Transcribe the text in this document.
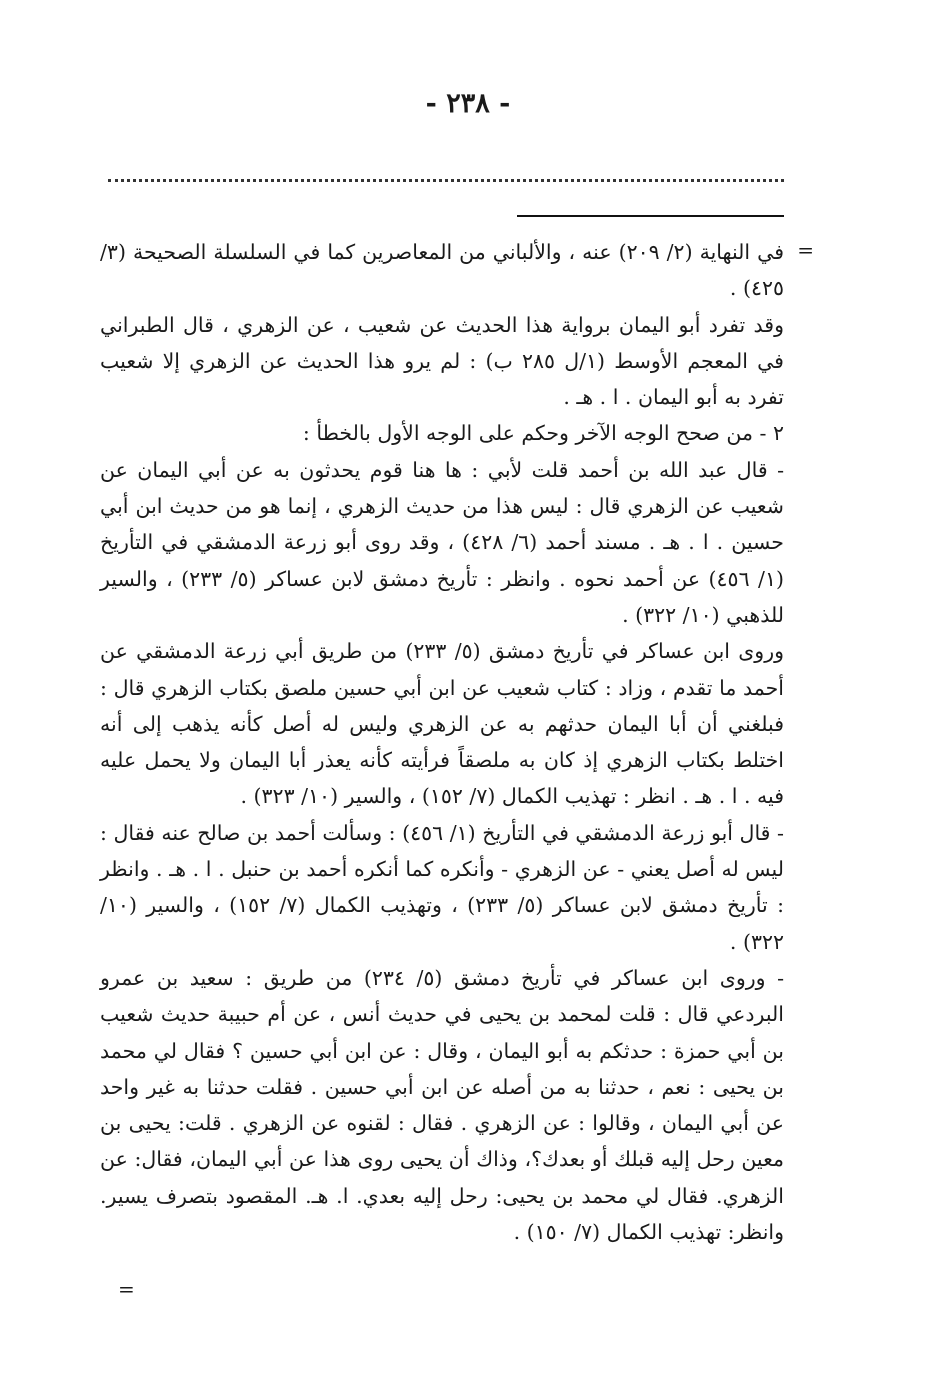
- ٢٣٨ -
=

في النهاية (٢/ ٢٠٩) عنه ، والألباني من المعاصرين كما في السلسلة الصحيحة (٣/ ٤٢٥) .

وقد تفرد أبو اليمان برواية هذا الحديث عن شعيب ، عن الزهري ، قال الطبراني في المعجم الأوسط (١/ل ٢٨٥ ب) : لم يرو هذا الحديث عن الزهري إلا شعيب تفرد به أبو اليمان . ا . هـ .

٢ - من صحح الوجه الآخر وحكم على الوجه الأول بالخطأ :

- قال عبد الله بن أحمد قلت لأبي : ها هنا قوم يحدثون به عن أبي اليمان عن شعيب عن الزهري قال : ليس هذا من حديث الزهري ، إنما هو من حديث ابن أبي حسين . ا . هـ . مسند أحمد (٦/ ٤٢٨) ، وقد روى أبو زرعة الدمشقي في التأريخ (١/ ٤٥٦) عن أحمد نحوه . وانظر : تأريخ دمشق لابن عساكر (٥/ ٢٣٣) ، والسير للذهبي (١٠/ ٣٢٢) .

وروى ابن عساكر في تأريخ دمشق (٥/ ٢٣٣) من طريق أبي زرعة الدمشقي عن أحمد ما تقدم ، وزاد : كتاب شعيب عن ابن أبي حسين ملصق بكتاب الزهري قال : فبلغني أن أبا اليمان حدثهم به عن الزهري وليس له أصل كأنه يذهب إلى أنه اختلط بكتاب الزهري إذ كان به ملصقاً فرأيته كأنه يعذر أبا اليمان ولا يحمل عليه فيه . ا . هـ . انظر : تهذيب الكمال (٧/ ١٥٢) ، والسير (١٠/ ٣٢٣) .

- قال أبو زرعة الدمشقي في التأريخ (١/ ٤٥٦) : وسألت أحمد بن صالح عنه فقال : ليس له أصل يعني - عن الزهري - وأنكره كما أنكره أحمد بن حنبل . ا . هـ . وانظر : تأريخ دمشق لابن عساكر (٥/ ٢٣٣) ، وتهذيب الكمال (٧/ ١٥٢) ، والسير (١٠/ ٣٢٢) .

- وروى ابن عساكر في تأريخ دمشق (٥/ ٢٣٤) من طريق : سعيد بن عمرو البردعي قال : قلت لمحمد بن يحيى في حديث أنس ، عن أم حبيبة حديث شعيب بن أبي حمزة : حدثكم به أبو اليمان ، وقال : عن ابن أبي حسين ؟ فقال لي محمد بن يحيى : نعم ، حدثنا به من أصله عن ابن أبي حسين . فقلت حدثنا به غير واحد عن أبي اليمان ، وقالوا : عن الزهري . فقال : لقنوه عن الزهري . قلت: يحيى بن معين رحل إليه قبلك أو بعدك؟، وذاك أن يحيى روى هذا عن أبي اليمان، فقال: عن الزهري. فقال لي محمد بن يحيى: رحل إليه بعدي. ا. هـ. المقصود بتصرف يسير. وانظر: تهذيب الكمال (٧/ ١٥٠) .

=
